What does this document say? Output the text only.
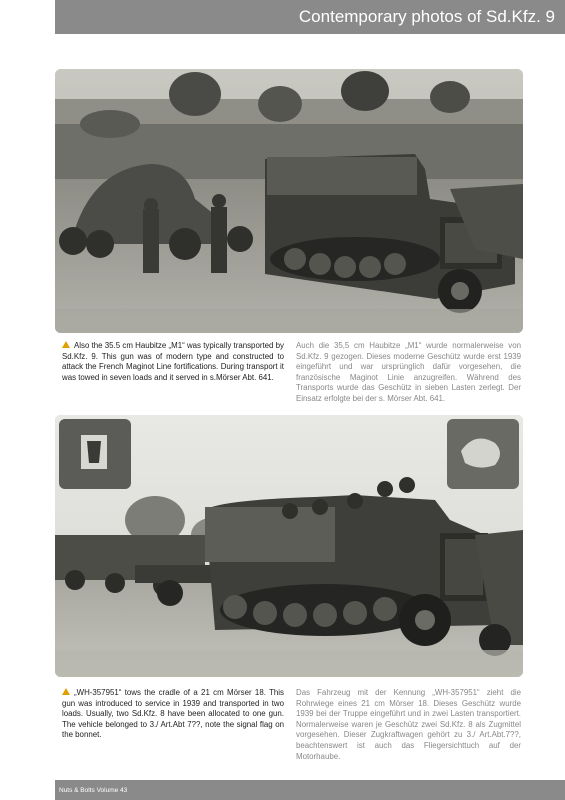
Contemporary photos of Sd.Kfz. 9
Also the 35.5 cm Haubitze „M1“ was typically transported by Sd.Kfz. 9. This gun was of modern type and constructed to attack the French Maginot Line fortifications. During transport it was towed in seven loads and it served in s.Mörser Abt. 641.
Auch die 35,5 cm Haubitze „M1“ wurde normalerweise von Sd.Kfz. 9 gezogen. Dieses moderne Geschütz wurde erst 1939 eingeführt und war ursprünglich dafür vorgesehen, die französische Maginot Linie anzugreifen. Während des Transports wurde das Geschütz in sieben Lasten zerlegt. Der Einsatz erfolgte bei der s. Mörser Abt. 641.
„WH-357951“ tows the cradle of a 21 cm Mörser 18. This gun was introduced to service in 1939 and transported in two loads. Usually, two Sd.Kfz. 8 have been allocated to one gun. The vehicle belonged to 3./ Art.Abt 7??, note the signal flag on the bonnet.
Das Fahrzeug mit der Kennung „WH-357951“ zieht die Rohrwiege eines 21 cm Mörser 18. Dieses Geschütz wurde 1939 bei der Truppe eingeführt und in zwei Lasten transportiert. Normalerweise waren je Geschütz zwei Sd.Kfz. 8 als Zugmittel vorgesehen. Dieser Zugkraftwagen gehört zu 3./ Art.Abt.7??, beachtenswert ist auch das Fliegersichttuch auf der Motorhaube.
Nuts & Bolts Volume 43
